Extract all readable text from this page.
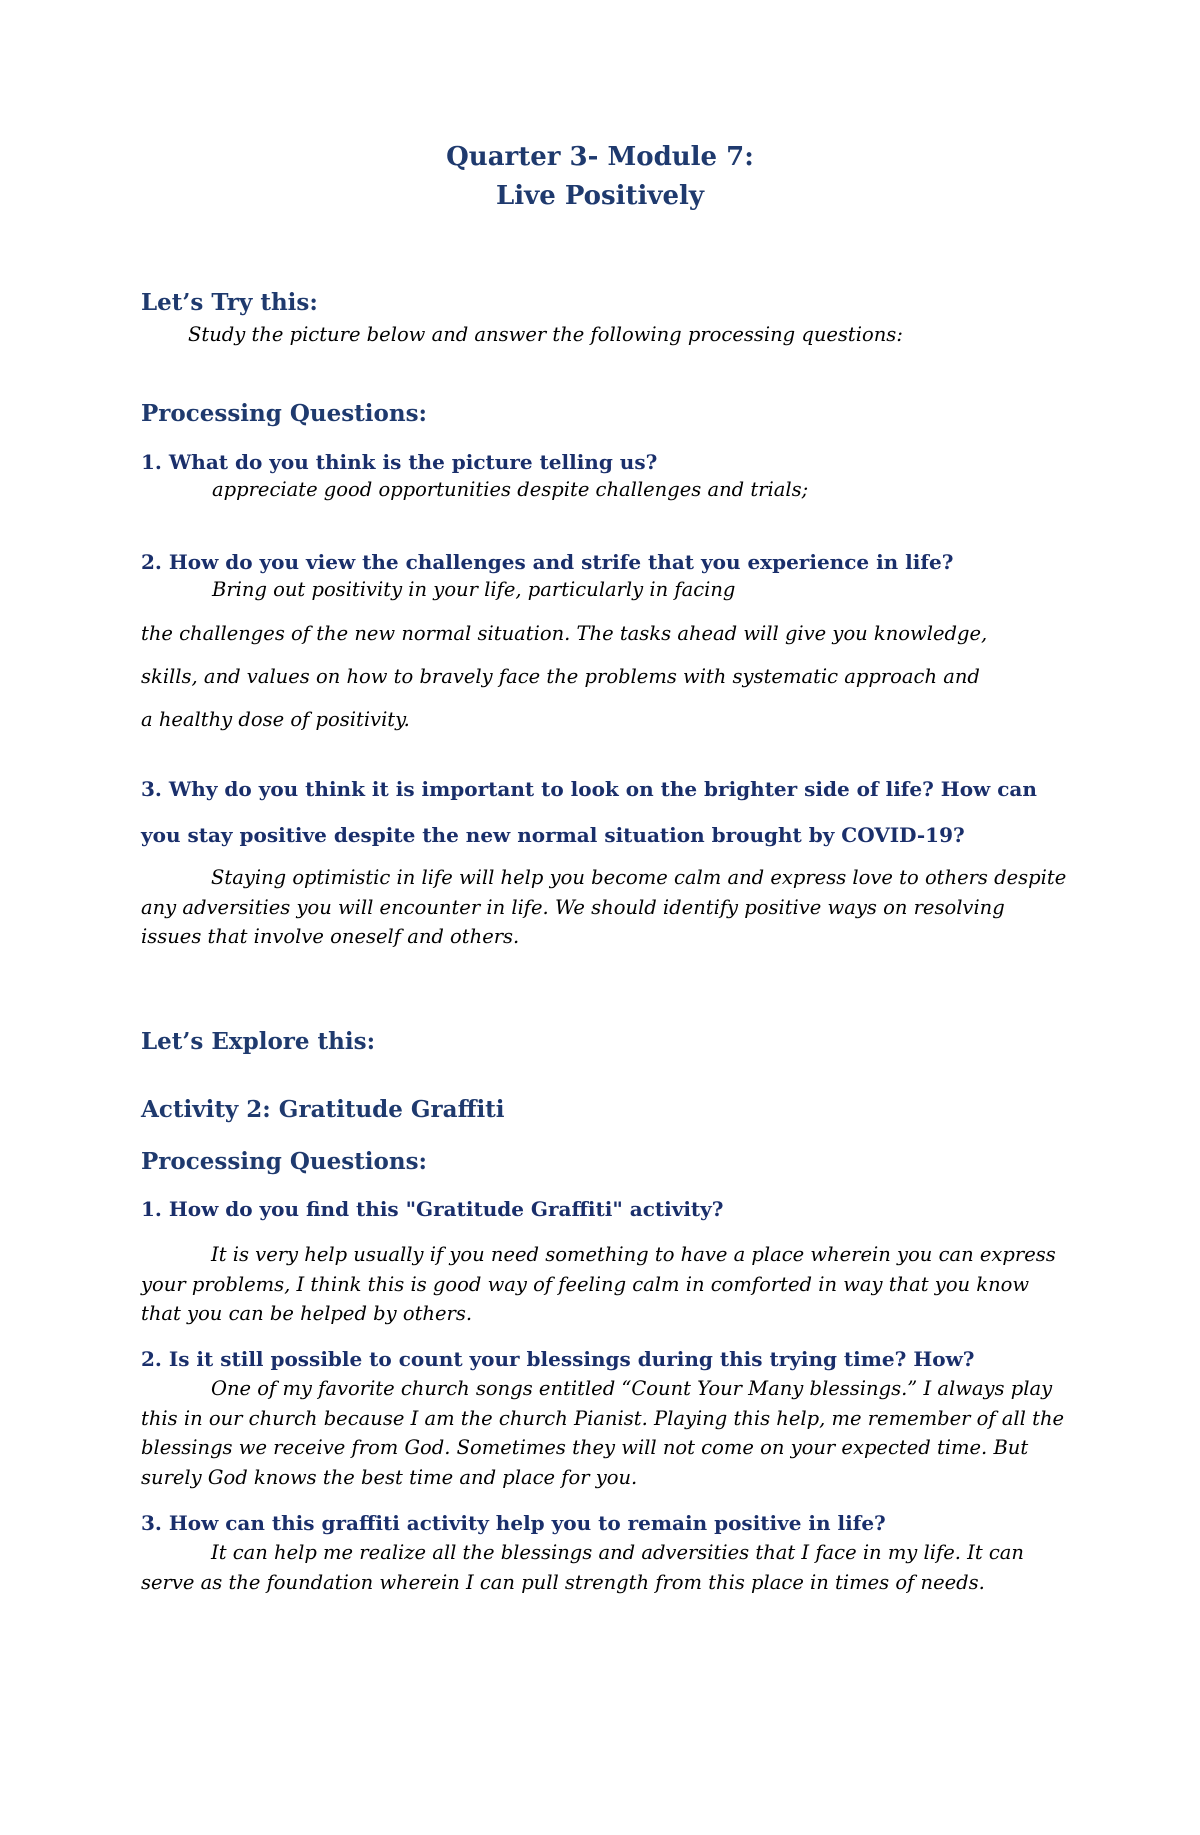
Quarter 3- Module 7:
Live Positively
Let’s Try this:
Study the picture below and answer the following processing questions:
Processing Questions:
1. What do you think is the picture telling us?
appreciate good opportunities despite challenges and trials;
2. How do you view the challenges and strife that you experience in life?
Bring out positivity in your life, particularly in facing
the challenges of the new normal situation. The tasks ahead will give you knowledge,
skills, and values on how to bravely face the problems with systematic approach and
a healthy dose of positivity.
3. Why do you think it is important to look on the brighter side of life? How can
you stay positive despite the new normal situation brought by COVID-19?
Staying optimistic in life will help you become calm and express love to others despite any adversities you will encounter in life. We should identify positive ways on resolving issues that involve oneself and others.
Let’s Explore this:
Activity 2: Gratitude Graffiti
Processing Questions:
1. How do you find this "Gratitude Graffiti" activity?
It is very help usually if you need something to have a place wherein you can express your problems, I think this is good way of feeling calm in comforted in way that you know that you can be helped by others.
2. Is it still possible to count your blessings during this trying time? How?
One of my favorite church songs entitled “Count Your Many blessings.” I always play this in our church because I am the church Pianist. Playing this help, me remember of all the blessings we receive from God. Sometimes they will not come on your expected time. But surely God knows the best time and place for you.
3. How can this graffiti activity help you to remain positive in life?
It can help me realize all the blessings and adversities that I face in my life. It can serve as the foundation wherein I can pull strength from this place in times of needs.
